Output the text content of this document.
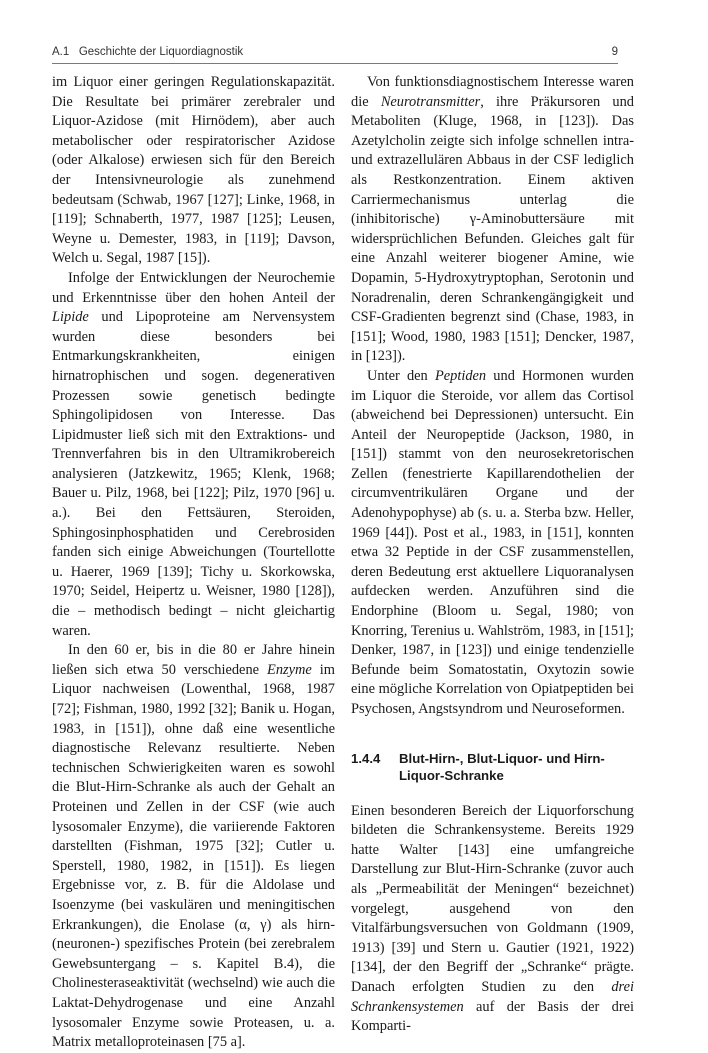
A.1   Geschichte der Liquordiagnostik	9

im Liquor einer geringen Regulationskapazität. Die Resultate bei primärer zerebraler und Liquor-Azidose (mit Hirnödem), aber auch metabolischer oder respiratorischer Azidose (oder Alkalose) erwiesen sich für den Bereich der Intensivneurologie als zunehmend bedeutsam (Schwab, 1967 [127]; Linke, 1968, in [119]; Schnaberth, 1977, 1987 [125]; Leusen, Weyne u. Demester, 1983, in [119]; Davson, Welch u. Segal, 1987 [15]).

Infolge der Entwicklungen der Neurochemie und Erkenntnisse über den hohen Anteil der Lipide und Lipoproteine am Nervensystem wurden diese besonders bei Entmarkungskrankheiten, einigen hirnatrophischen und sogen. degenerativen Prozessen sowie genetisch bedingte Sphingolipidosen von Interesse. Das Lipidmuster ließ sich mit den Extraktions- und Trennverfahren bis in den Ultramikrobereich analysieren (Jatzkewitz, 1965; Klenk, 1968; Bauer u. Pilz, 1968, bei [122]; Pilz, 1970 [96] u. a.). Bei den Fettsäuren, Steroiden, Sphingosinphosphatiden und Cerebrosiden fanden sich einige Abweichungen (Tourtellotte u. Haerer, 1969 [139]; Tichy u. Skorkowska, 1970; Seidel, Heipertz u. Weisner, 1980 [128]), die – methodisch bedingt – nicht gleichartig waren.

In den 60 er, bis in die 80 er Jahre hinein ließen sich etwa 50 verschiedene Enzyme im Liquor nachweisen (Lowenthal, 1968, 1987 [72]; Fishman, 1980, 1992 [32]; Banik u. Hogan, 1983, in [151]), ohne daß eine wesentliche diagnostische Relevanz resultierte. Neben technischen Schwierigkeiten waren es sowohl die Blut-Hirn-Schranke als auch der Gehalt an Proteinen und Zellen in der CSF (wie auch lysosomaler Enzyme), die variierende Faktoren darstellten (Fishman, 1975 [32]; Cutler u. Sperstell, 1980, 1982, in [151]). Es liegen Ergebnisse vor, z. B. für die Aldolase und Isoenzyme (bei vaskulären und meningitischen Erkrankungen), die Enolase (α, γ) als hirn-(neuronen-) spezifisches Protein (bei zerebralem Gewebsuntergang – s. Kapitel B.4), die Cholinesteraseaktivität (wechselnd) wie auch die Laktat-Dehydrogenase und eine Anzahl lysosomaler Enzyme sowie Proteasen, u. a. Matrix metalloproteinasen [75 a].

Von funktionsdiagnostischem Interesse waren die Neurotransmitter, ihre Präkursoren und Metaboliten (Kluge, 1968, in [123]). Das Azetylcholin zeigte sich infolge schnellen intra- und extrazellulären Abbaus in der CSF lediglich als Restkonzentration. Einem aktiven Carriermechanismus unterlag die (inhibitorische) γ-Aminobuttersäure mit widersprüchlichen Befunden. Gleiches galt für eine Anzahl weiterer biogener Amine, wie Dopamin, 5-Hydroxytryptophan, Serotonin und Noradrenalin, deren Schrankengängigkeit und CSF-Gradienten begrenzt sind (Chase, 1983, in [151]; Wood, 1980, 1983 [151]; Dencker, 1987, in [123]).

Unter den Peptiden und Hormonen wurden im Liquor die Steroide, vor allem das Cortisol (abweichend bei Depressionen) untersucht. Ein Anteil der Neuropeptide (Jackson, 1980, in [151]) stammt von den neurosekretorischen Zellen (fenestrierte Kapillarendothelien der circumventrikulären Organe und der Adenohypophyse) ab (s. u. a. Sterba bzw. Heller, 1969 [44]). Post et al., 1983, in [151], konnten etwa 32 Peptide in der CSF zusammenstellen, deren Bedeutung erst aktuellere Liquoranalysen aufdecken werden. Anzuführen sind die Endorphine (Bloom u. Segal, 1980; von Knorring, Terenius u. Wahlström, 1983, in [151]; Denker, 1987, in [123]) und einige tendenzielle Befunde beim Somatostatin, Oxytozin sowie eine mögliche Korrelation von Opiatpeptiden bei Psychosen, Angstsyndrom und Neuroseformen.

1.4.4	Blut-Hirn-, Blut-Liquor- und Hirn-Liquor-Schranke

Einen besonderen Bereich der Liquorforschung bildeten die Schrankensysteme. Bereits 1929 hatte Walter [143] eine umfangreiche Darstellung zur Blut-Hirn-Schranke (zuvor auch als „Permeabilität der Meningen“ bezeichnet) vorgelegt, ausgehend von den Vitalfärbungsversuchen von Goldmann (1909, 1913) [39] und Stern u. Gautier (1921, 1922) [134], der den Begriff der „Schranke“ prägte. Danach erfolgten Studien zu den drei Schrankensystemen auf der Basis der drei Komparti-
